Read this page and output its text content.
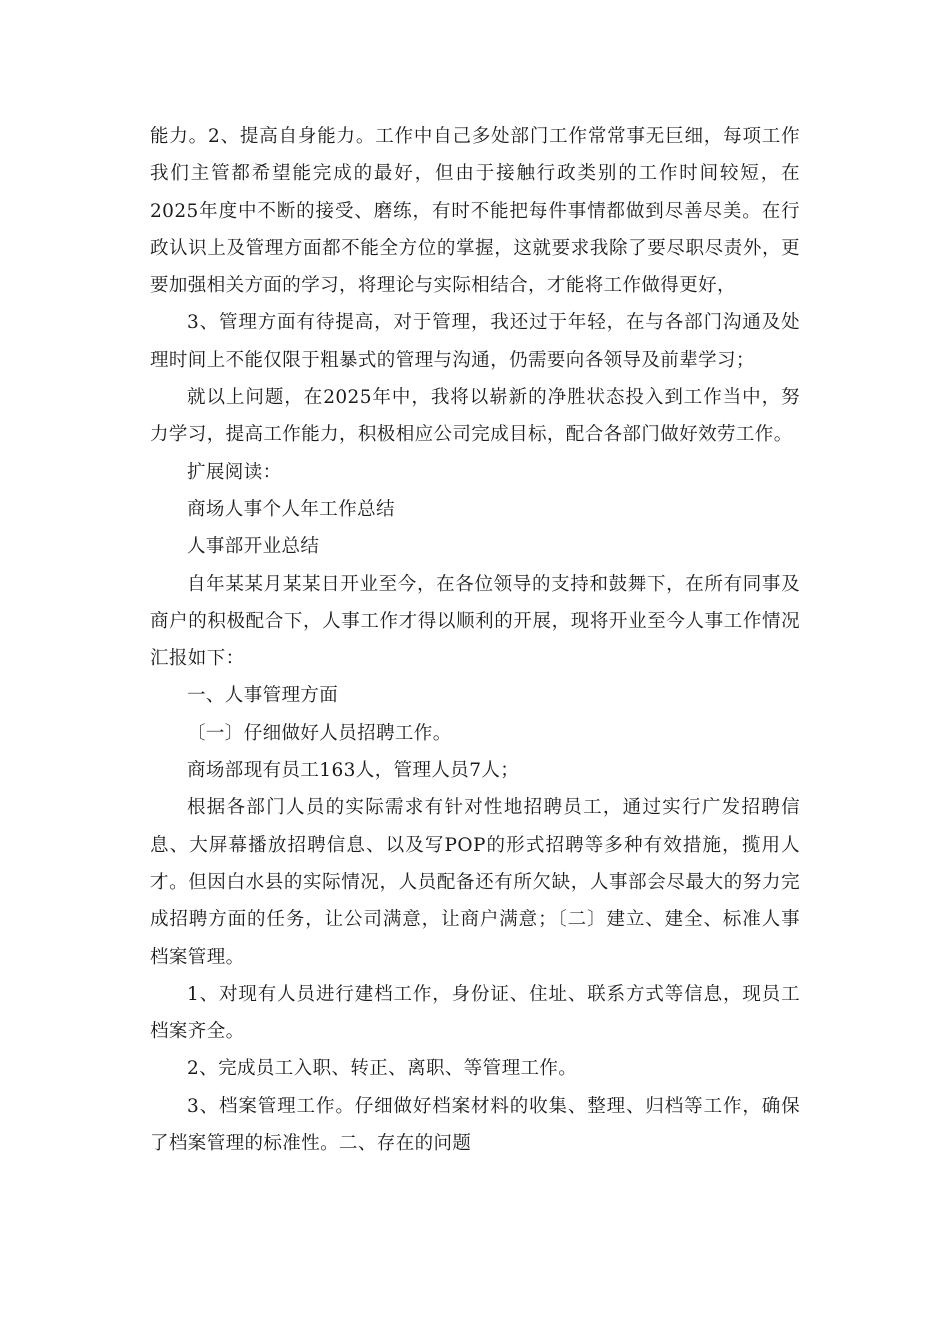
能力。2、提高自身能力。工作中自己多处部门工作常常事无巨细，每项工作我们主管都希望能完成的最好，但由于接触行政类别的工作时间较短，在2025年度中不断的接受、磨练，有时不能把每件事情都做到尽善尽美。在行政认识上及管理方面都不能全方位的掌握，这就要求我除了要尽职尽责外，更要加强相关方面的学习，将理论与实际相结合，才能将工作做得更好，

3、管理方面有待提高，对于管理，我还过于年轻，在与各部门沟通及处理时间上不能仅限于粗暴式的管理与沟通，仍需要向各领导及前辈学习；

就以上问题，在2025年中，我将以崭新的净胜状态投入到工作当中，努力学习，提高工作能力，积极相应公司完成目标，配合各部门做好效劳工作。

扩展阅读：

商场人事个人年工作总结

人事部开业总结

自年某某月某某日开业至今，在各位领导的支持和鼓舞下，在所有同事及商户的积极配合下，人事工作才得以顺利的开展，现将开业至今人事工作情况汇报如下：

一、人事管理方面

〔一〕仔细做好人员招聘工作。

商场部现有员工163人，管理人员7人；

根据各部门人员的实际需求有针对性地招聘员工，通过实行广发招聘信息、大屏幕播放招聘信息、以及写POP的形式招聘等多种有效措施，揽用人才。但因白水县的实际情况，人员配备还有所欠缺，人事部会尽最大的努力完成招聘方面的任务，让公司满意，让商户满意；〔二〕建立、建全、标准人事档案管理。

1、对现有人员进行建档工作，身份证、住址、联系方式等信息，现员工档案齐全。

2、完成员工入职、转正、离职、等管理工作。

3、档案管理工作。仔细做好档案材料的收集、整理、归档等工作，确保了档案管理的标准性。二、存在的问题
